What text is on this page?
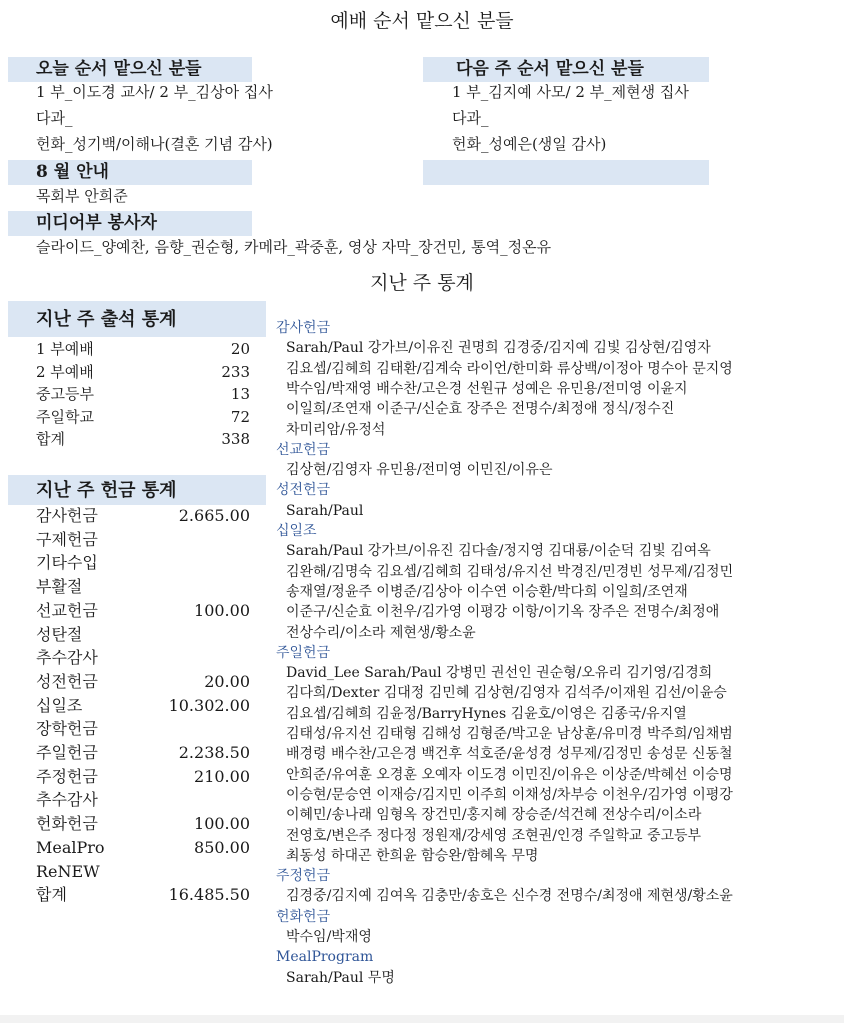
예배 순서 맡으신 분들
오늘 순서 맡으신 분들
1 부_이도경 교사/ 2 부_김상아 집사
다과_
헌화_성기백/이해나(결혼 기념 감사)
다음 주 순서 맡으신 분들
1 부_김지예 사모/ 2 부_제현생 집사
다과_
헌화_성예은(생일 감사)
8 월 안내
목회부 안희준
미디어부 봉사자
슬라이드_양예찬, 음향_권순형, 카메라_곽중훈, 영상 자막_장건민, 통역_정온유
지난 주 통계
지난 주 출석 통계
1 부예배	20
2 부예배	233
중고등부	13
주일학교	72
합계	338
지난 주 헌금 통계
감사헌금	2.665.00
구제헌금
기타수입
부활절
선교헌금	100.00
성탄절
추수감사
성전헌금	20.00
십일조	10.302.00
장학헌금
주일헌금	2.238.50
주정헌금	210.00
추수감사
헌화헌금	100.00
MealPro	850.00
ReNEW
합계	16.485.50
감사헌금
Sarah/Paul 강가브/이유진 권명희 김경중/김지예 김빛 김상현/김영자
김요셉/김혜희 김태환/김계숙 라이언/한미화 류상백/이정아 명수아 문지영
박수임/박재영 배수찬/고은경 선원규 성예은 유민용/전미영 이윤지
이일희/조연재 이준구/신순효 장주은 전명수/최정애 정식/정수진
차미리암/유정석
선교헌금
김상현/김영자 유민용/전미영 이민진/이유은
성전헌금
Sarah/Paul
십일조
Sarah/Paul 강가브/이유진 김다솔/정지영 김대룡/이순덕 김빛 김여옥
김완해/김명숙 김요셉/김혜희 김태성/유지선 박경진/민경빈 성무제/김정민
송재열/정윤주 이병준/김상아 이수연 이승환/박다희 이일희/조연재
이준구/신순효 이천우/김가영 이평강 이항/이기옥 장주은 전명수/최정애
전상수리/이소라 제현생/황소윤
주일헌금
David_Lee Sarah/Paul 강병민 권선인 권순형/오유리 김기영/김경희
김다희/Dexter 김대정 김민혜 김상현/김영자 김석주/이재원 김선/이윤승
김요셉/김혜희 김윤정/BarryHynes 김윤호/이영은 김종국/유지열
김태성/유지선 김태형 김해성 김형준/박고운 남상훈/유미경 박주희/임채범
배경령 배수찬/고은경 백건후 석호준/윤성경 성무제/김정민 송성문 신동철
안희준/유여훈 오경훈 오예자 이도경 이민진/이유은 이상준/박혜선 이승명
이승현/문승연 이재승/김지민 이주희 이채성/차부승 이천우/김가영 이평강
이혜민/송나래 임형옥 장건민/홍지혜 장승준/석건혜 전상수리/이소라
전영호/변은주 정다정 정원재/강세영 조현권/인경 주일학교 중고등부
최동성 하대곤 한희윤 함승완/함혜옥 무명
주정헌금
김경중/김지예 김여옥 김충만/송호은 신수경 전명수/최정애 제현생/황소윤
헌화헌금
박수임/박재영
MealProgram
Sarah/Paul 무명
